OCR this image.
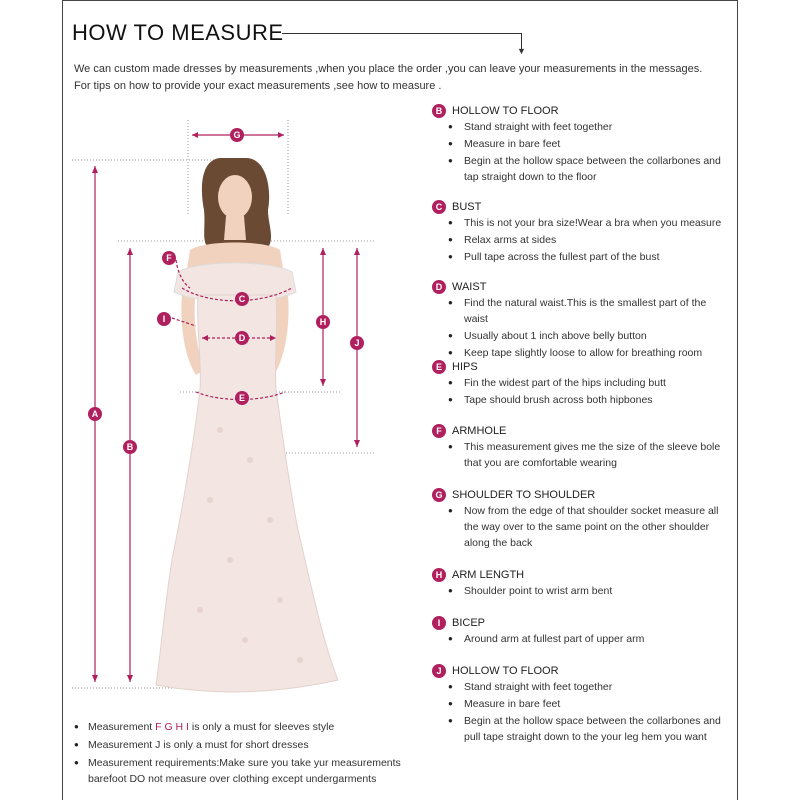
HOW TO MEASURE
▼
We can custom made dresses by measurements ,when you place the order ,you can leave your measurements in the messages.
For tips on how to provide your exact measurements ,see how to measure .
G
F
C
I
D
E
H
J
A
B
B HOLLOW TO FLOOR
● Stand straight with feet together
● Measure in bare feet
● Begin at the hollow space between the collarbones and tap straight down to the floor
C BUST
● This is not your bra size!Wear a bra when you measure
● Relax arms at sides
● Pull tape across the fullest part of the bust
D WAIST
● Find the natural waist.This is the smallest part of the waist
● Usually about 1 inch above belly button
● Keep tape slightly loose to allow for breathing room
E HIPS
● Fin the widest part of the hips including butt
● Tape should brush across both hipbones
F ARMHOLE
● This measurement gives me the size of the sleeve bole that you are comfortable wearing
G SHOULDER TO SHOULDER
● Now from the edge of that shoulder socket measure all the way over to the same point on the other shoulder along the back
H ARM LENGTH
● Shoulder point to wrist arm bent
I	BICEP
● Around arm at fullest part of upper arm
J HOLLOW TO FLOOR
● Stand straight with feet together
● Measure in bare feet
● Begin at the hollow space between the collarbones and pull tape straight down to the your leg hem you want
● Measurement F G H I is only a must for sleeves style
● Measurement J is only a must for short dresses
● Measurement requirements:Make sure you take yur measurements
barefoot DO not measure over clothing except undergarments
